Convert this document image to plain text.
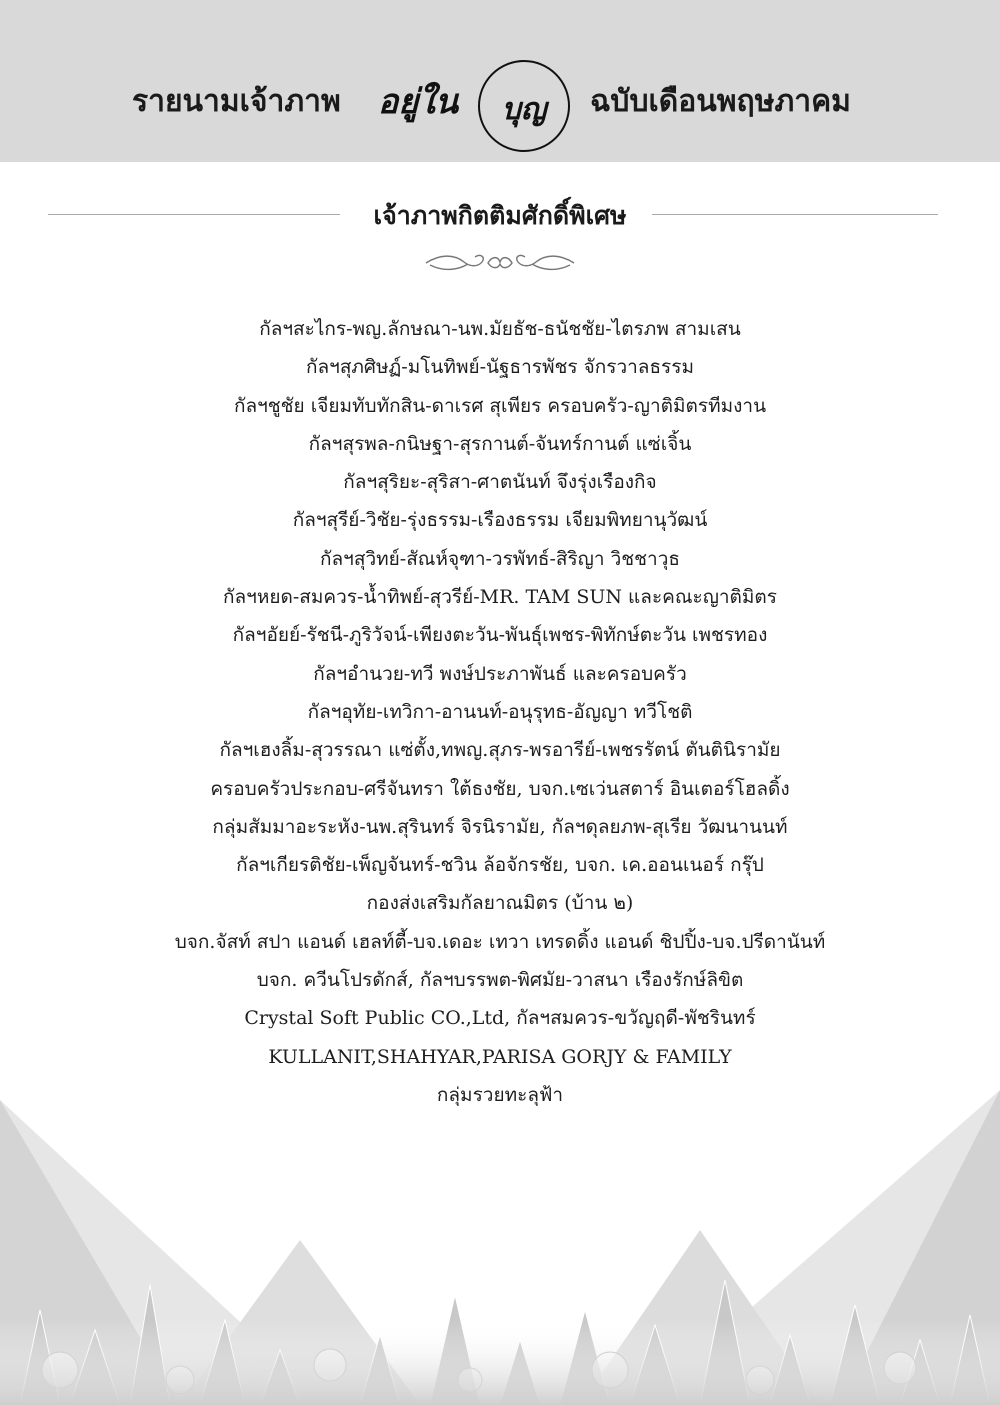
รายนามเจ้าภาพ	อยู่ใน	บุญ	ฉบับเดือนพฤษภาคม
เจ้าภาพกิตติมศักดิ์พิเศษ
กัลฯสะไกร-พญ.ลักษณา-นพ.มัยธัช-ธนัชชัย-ไตรภพ สามเสน
กัลฯสุภศิษฏ์-มโนทิพย์-นัฐธารพัชร จักรวาลธรรม
กัลฯชูชัย เจียมทับทักสิน-ดาเรศ สุเพียร ครอบครัว-ญาติมิตรทีมงาน
กัลฯสุรพล-กนิษฐา-สุรกานต์-จันทร์กานต์ แซ่เจิ้น
กัลฯสุริยะ-สุริสา-ศาตนันท์ จึงรุ่งเรืองกิจ
กัลฯสุรีย์-วิชัย-รุ่งธรรม-เรืองธรรม เจียมพิทยานุวัฒน์
กัลฯสุวิทย์-สัณห์จุฑา-วรพัทธ์-สิริญา วิชชาวุธ
กัลฯหยด-สมควร-น้ำทิพย์-สุวรีย์-MR. TAM SUN และคณะญาติมิตร
กัลฯอัยย์-รัชนี-ภูริวัจน์-เพียงตะวัน-พันธุ์เพชร-พิทักษ์ตะวัน เพชรทอง
กัลฯอำนวย-ทวี พงษ์ประภาพันธ์ และครอบครัว
กัลฯอุทัย-เทวิกา-อานนท์-อนุรุทธ-อัญญา ทวีโชติ
กัลฯเฮงลิ้ม-สุวรรณา แซ่ตั้ง,ทพญ.สุภร-พรอารีย์-เพชรรัตน์ ตันตินิรามัย
ครอบครัวประกอบ-ศรีจันทรา ใต้ธงชัย, บจก.เซเว่นสตาร์ อินเตอร์โฮลดิ้ง
กลุ่มสัมมาอะระหัง-นพ.สุรินทร์ จิรนิรามัย, กัลฯดุลยภพ-สุเรีย วัฒนานนท์
กัลฯเกียรติชัย-เพ็ญจันทร์-ชวิน ล้อจักรชัย, บจก. เค.ออนเนอร์ กรุ๊ป
กองส่งเสริมกัลยาณมิตร (บ้าน ๒)
บจก.จัสท์ สปา แอนด์ เฮลท์ตี้-บจ.เดอะ เทวา เทรดดิ้ง แอนด์ ชิปปิ้ง-บจ.ปรีดานันท์
บจก. ควีนโปรดักส์, กัลฯบรรพต-พิศมัย-วาสนา เรืองรักษ์ลิขิต
Crystal Soft Public CO.,Ltd, กัลฯสมควร-ขวัญฤดี-พัชรินทร์
KULLANIT,SHAHYAR,PARISA GORJY & FAMILY
กลุ่มรวยทะลุฟ้า
